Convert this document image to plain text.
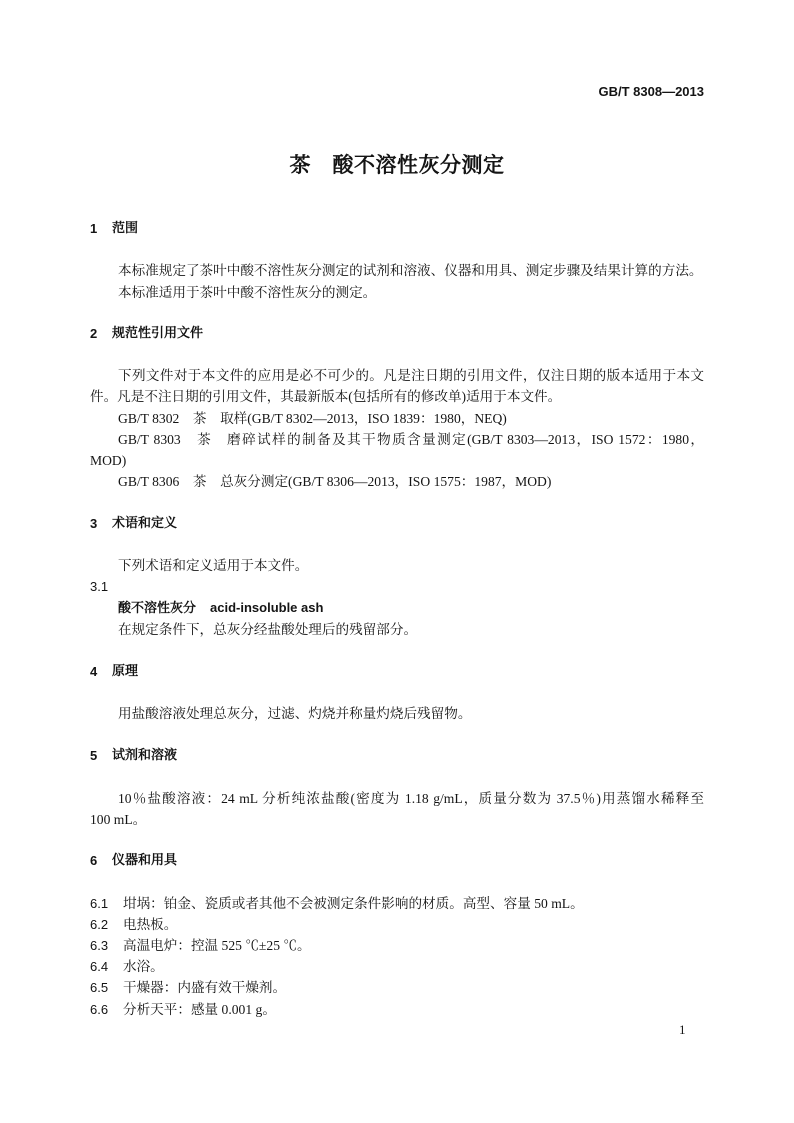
GB/T 8308—2013
茶　酸不溶性灰分测定
1 范围
本标准规定了茶叶中酸不溶性灰分测定的试剂和溶液、仪器和用具、测定步骤及结果计算的方法。
本标准适用于茶叶中酸不溶性灰分的测定。
2 规范性引用文件
下列文件对于本文件的应用是必不可少的。凡是注日期的引用文件，仅注日期的版本适用于本文
件。凡是不注日期的引用文件，其最新版本(包括所有的修改单)适用于本文件。
GB/T 8302　茶　取样(GB/T 8302—2013，ISO 1839：1980，NEQ)
GB/T 8303　茶　磨碎试样的制备及其干物质含量测定(GB/T 8303—2013，ISO 1572：1980，
MOD)
GB/T 8306　茶　总灰分测定(GB/T 8306—2013，ISO 1575：1987，MOD)
3 术语和定义
下列术语和定义适用于本文件。
3.1
酸不溶性灰分 acid-insoluble ash
在规定条件下，总灰分经盐酸处理后的残留部分。
4 原理
用盐酸溶液处理总灰分，过滤、灼烧并称量灼烧后残留物。
5 试剂和溶液
10％盐酸溶液：24 mL 分析纯浓盐酸(密度为 1.18 g/mL，质量分数为 37.5％)用蒸馏水稀释至
100 mL。
6 仪器和用具
6.1 坩埚：铂金、瓷质或者其他不会被测定条件影响的材质。高型、容量 50 mL。
6.2 电热板。
6.3 高温电炉：控温 525 ℃±25 ℃。
6.4 水浴。
6.5 干燥器：内盛有效干燥剂。
6.6 分析天平：感量 0.001 g。
1
